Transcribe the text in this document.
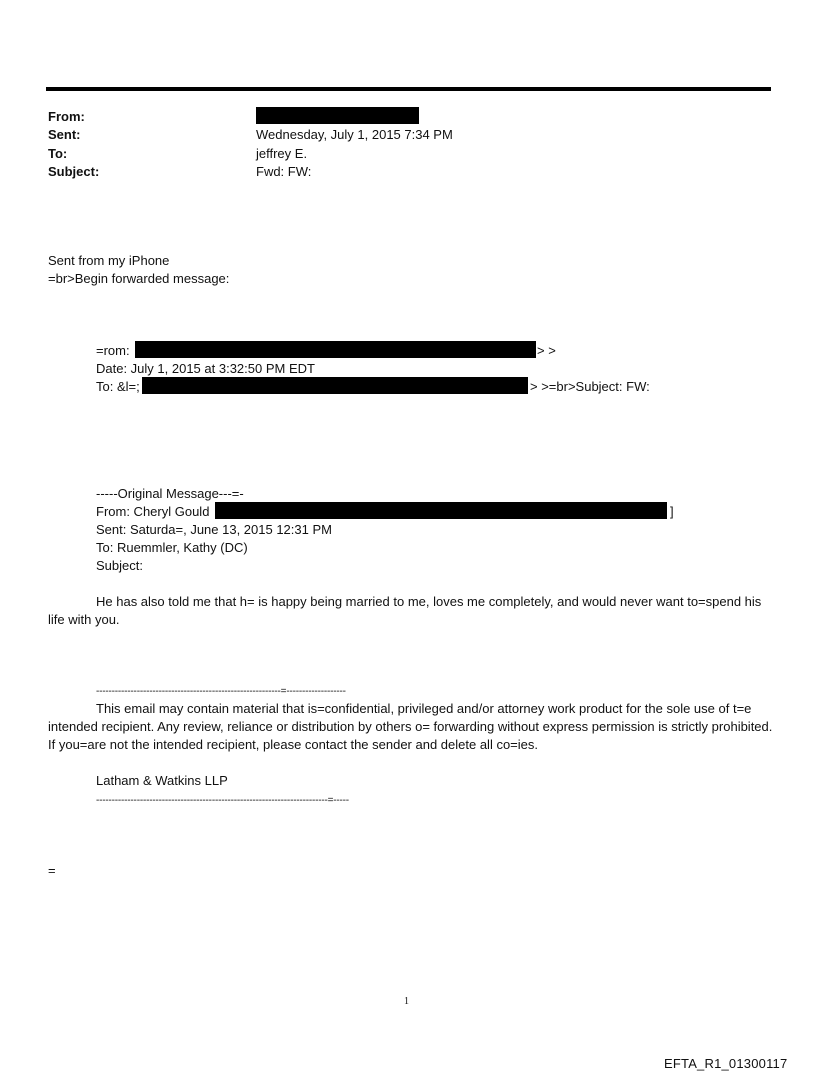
From:
Sent:	Wednesday, July 1, 2015 7:34 PM
To:	jeffrey E.
Subject:	Fwd: FW:
Sent from my iPhone
=br>Begin forwarded message:
=rom:	> >
Date: July 1, 2015 at 3:32:50 PM EDT
To: &l=;	> >=br>Subject: FW:
-----Original Message---=-
From: Cheryl Gould	]
Sent: Saturda=, June 13, 2015 12:31 PM
To: Ruemmler, Kathy (DC)
Subject:
He has also told me that h= is happy being married to me, loves me completely, and would never want to=spend his life with you.
-----------------------------------------------------------=-------------------
This email may contain material that is=confidential, privileged and/or attorney work product for the sole use of t=e intended recipient. Any review, reliance or distribution by others o= forwarding without express permission is strictly prohibited. If you=are not the intended recipient, please contact the sender and delete all co=ies.
Latham & Watkins LLP
--------------------------------------------------------------------------=-----
=
1
EFTA_R1_01300117
